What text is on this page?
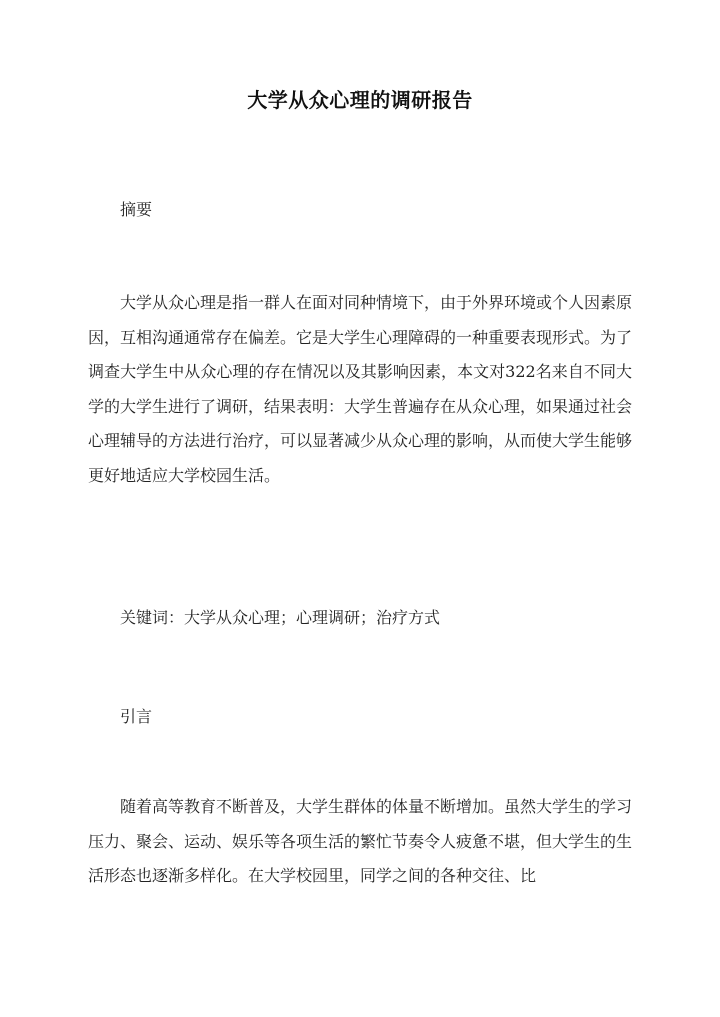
大学从众心理的调研报告
摘要

大学从众心理是指一群人在面对同种情境下，由于外界环境或个人因素原因，互相沟通通常存在偏差。它是大学生心理障碍的一种重要表现形式。为了调查大学生中从众心理的存在情况以及其影响因素，本文对322名来自不同大学的大学生进行了调研，结果表明：大学生普遍存在从众心理，如果通过社会心理辅导的方法进行治疗，可以显著减少从众心理的影响，从而使大学生能够更好地适应大学校园生活。

关键词：大学从众心理；心理调研；治疗方式
引言

随着高等教育不断普及，大学生群体的体量不断增加。虽然大学生的学习压力、聚会、运动、娱乐等各项生活的繁忙节奏令人疲惫不堪，但大学生的生活形态也逐渐多样化。在大学校园里，同学之间的各种交往、比
